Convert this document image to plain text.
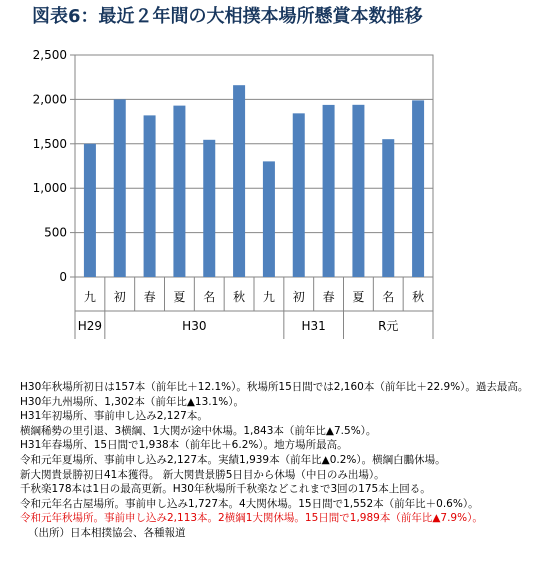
図表6：最近２年間の大相撲本場所懸賞本数推移
0
500
1,000
1,500
2,000
2,500
九 初 春 夏 名 秋 九 初 春 夏 名 秋
H29	H30	H31	R元
H30年秋場所初日は157本（前年比＋12.1%）。秋場所15日間では2,160本（前年比＋22.9%）。過去最高。
H30年九州場所、1,302本（前年比▲13.1%）。
H31年初場所、事前申し込み2,127本。
横綱稀勢の里引退、3横綱、1大関が途中休場。1,843本（前年比▲7.5%）。
H31年春場所、15日間で1,938本（前年比＋6.2%）。地方場所最高。
令和元年夏場所、事前申し込み2,127本。実績1,939本（前年比▲0.2%）。横綱白鵬休場。
新大関貴景勝初日41本獲得。 新大関貴景勝5日目から休場（中日のみ出場）。
千秋楽178本は1日の最高更新。H30年秋場所千秋楽などこれまで3回の175本上回る。
令和元年名古屋場所。事前申し込み1,727本。4大関休場。15日間で1,552本（前年比＋0.6%）。
令和元年秋場所。事前申し込み2,113本。2横綱1大関休場。15日間で1,989本（前年比▲7.9%）。
（出所）日本相撲協会、各種報道
